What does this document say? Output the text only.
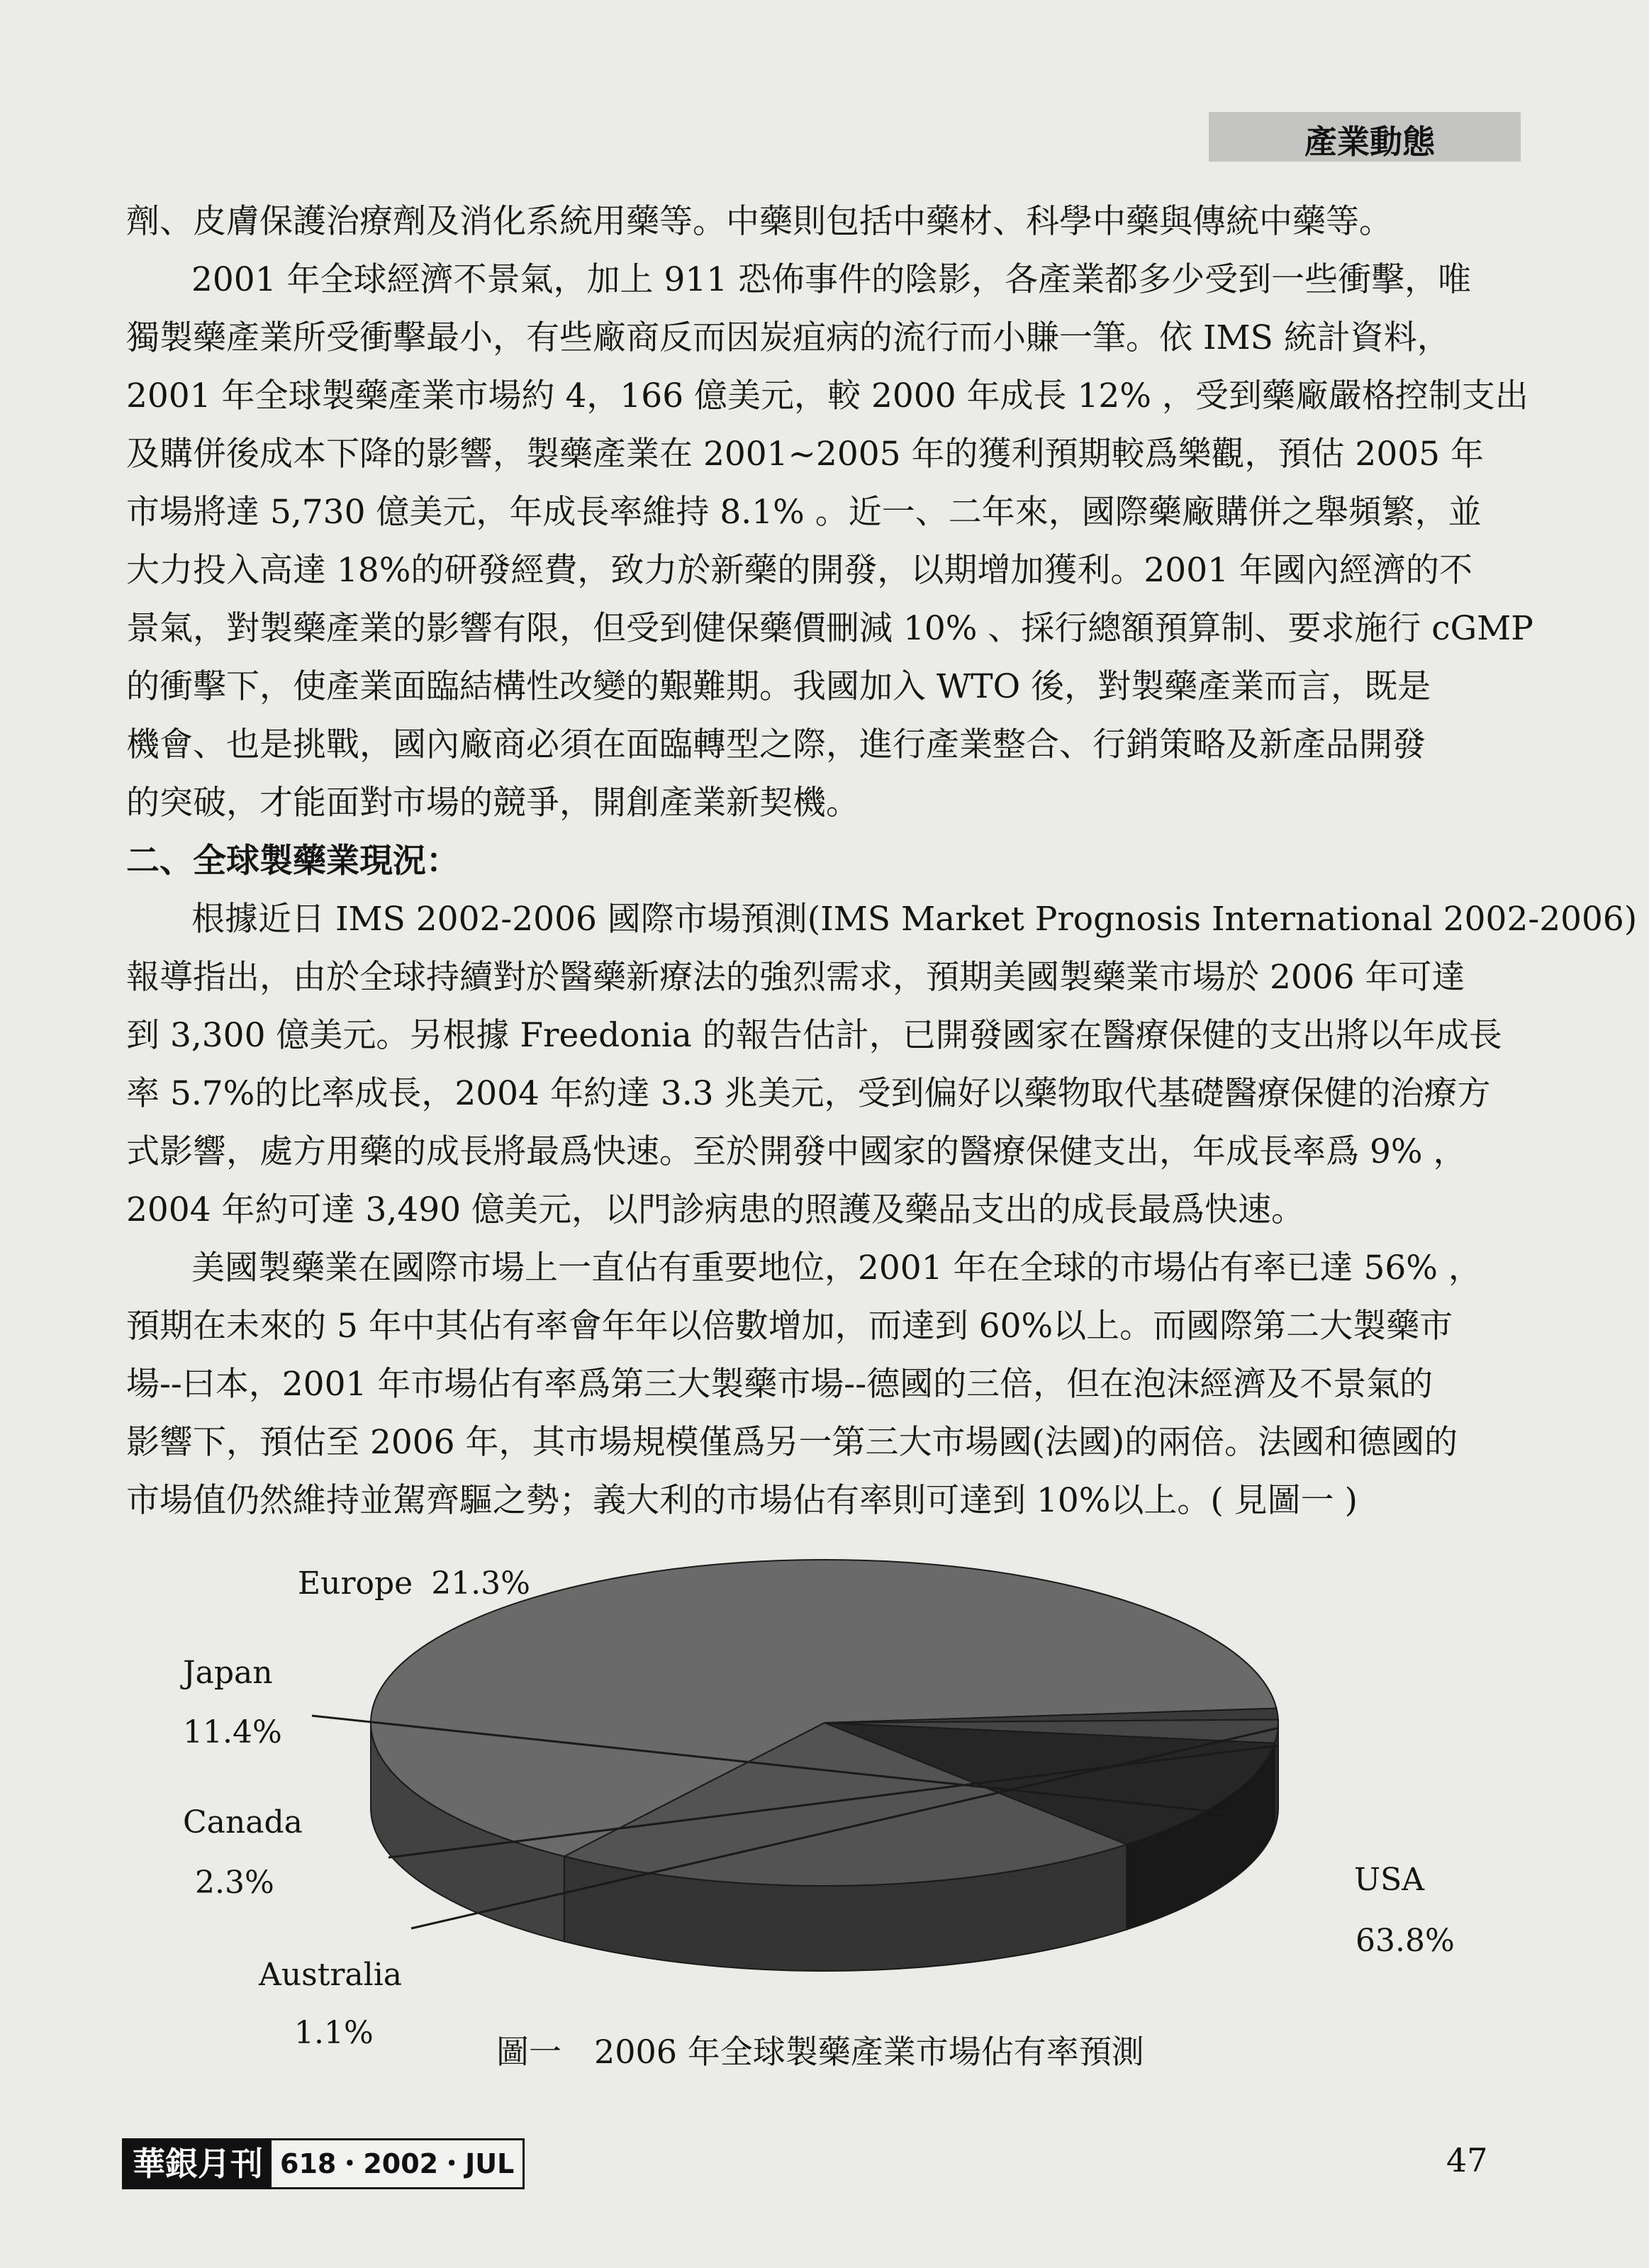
產業動態
劑、皮膚保護治療劑及消化系統用藥等。中藥則包括中藥材、科學中藥與傳統中藥等。
2001 年全球經濟不景氣，加上 911 恐佈事件的陰影，各產業都多少受到一些衝擊，唯
獨製藥產業所受衝擊最小，有些廠商反而因炭疽病的流行而小賺一筆。依 IMS 統計資料，
2001 年全球製藥產業市場約 4，166 億美元，較 2000 年成長 12% ，受到藥廠嚴格控制支出
及購併後成本下降的影響，製藥產業在 2001~2005 年的獲利預期較爲樂觀，預估 2005 年
市場將達 5,730 億美元，年成長率維持 8.1% 。近一、二年來，國際藥廠購併之舉頻繁，並
大力投入高達 18%的研發經費，致力於新藥的開發，以期增加獲利。2001 年國內經濟的不
景氣，對製藥產業的影響有限，但受到健保藥價刪減 10% 、採行總額預算制、要求施行 cGMP
的衝擊下，使產業面臨結構性改變的艱難期。我國加入 WTO 後，對製藥產業而言，既是
機會、也是挑戰，國內廠商必須在面臨轉型之際，進行產業整合、行銷策略及新產品開發
的突破，才能面對市場的競爭，開創產業新契機。
二、全球製藥業現況：
根據近日 IMS 2002-2006 國際市場預測(IMS Market Prognosis International 2002-2006)
報導指出，由於全球持續對於醫藥新療法的強烈需求，預期美國製藥業市場於 2006 年可達
到 3,300 億美元。另根據 Freedonia 的報告估計，已開發國家在醫療保健的支出將以年成長
率 5.7%的比率成長，2004 年約達 3.3 兆美元，受到偏好以藥物取代基礎醫療保健的治療方
式影響，處方用藥的成長將最爲快速。至於開發中國家的醫療保健支出，年成長率爲 9% ，
2004 年約可達 3,490 億美元，以門診病患的照護及藥品支出的成長最爲快速。
美國製藥業在國際市場上一直佔有重要地位，2001 年在全球的市場佔有率已達 56% ，
預期在未來的 5 年中其佔有率會年年以倍數增加，而達到 60%以上。而國際第二大製藥市
場--曰本，2001 年市場佔有率爲第三大製藥市場--德國的三倍，但在泡沫經濟及不景氣的
影響下，預估至 2006 年，其市場規模僅爲另一第三大市場國(法國)的兩倍。法國和德國的
市場值仍然維持並駕齊驅之勢；義大利的市場佔有率則可達到 10%以上。( 見圖一 )
Europe 21.3%
Japan
11.4%
Canada
2.3%
Australia
1.1%
USA
63.8%
圖一　2006 年全球製藥產業市場佔有率預測
華銀月刊 618・2002・JUL	47
